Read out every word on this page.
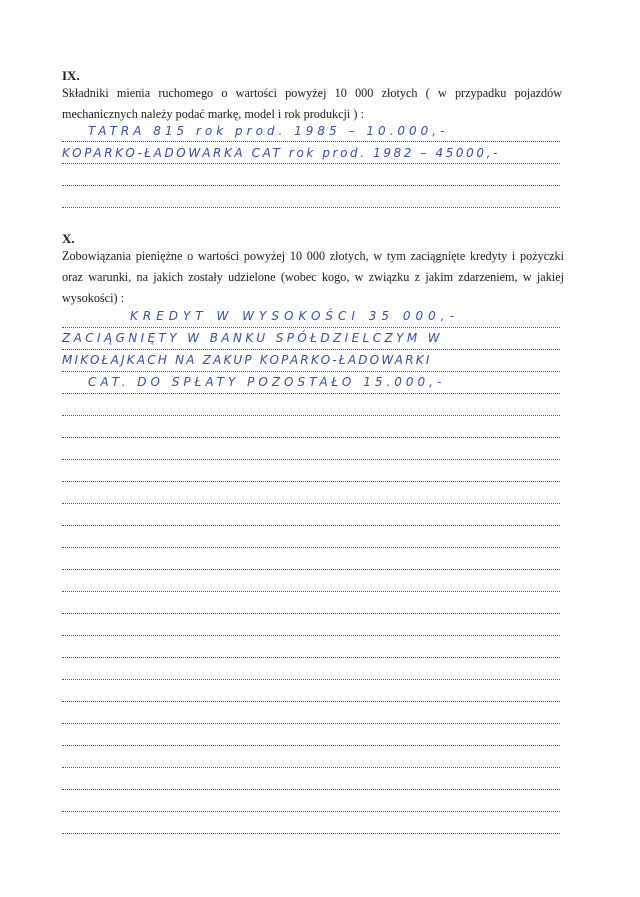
IX.
Składniki mienia ruchomego o wartości powyżej 10 000 złotych ( w przypadku pojazdów mechanicznych należy podać markę, model i rok produkcji ) :
TATRA 815 rok prod. 1985 – 10.000,-
KOPARKO-ŁADOWARKA CAT rok prod. 1982 – 45000,-
X.
Zobowiązania pieniężne o wartości powyżej 10 000 złotych, w tym zaciągnięte kredyty i pożyczki oraz warunki, na jakich zostały udzielone (wobec kogo, w związku z jakim zdarzeniem, w jakiej wysokości) :
KREDYT W WYSOKOŚCI 35 000,-
ZACIĄGNIĘTY W BANKU SPÓŁDZIELCZYM W
MIKOŁAJKACH NA ZAKUP KOPARKO-ŁADOWARKI
CAT. DO SPŁATY POZOSTAŁO 15.000,-
